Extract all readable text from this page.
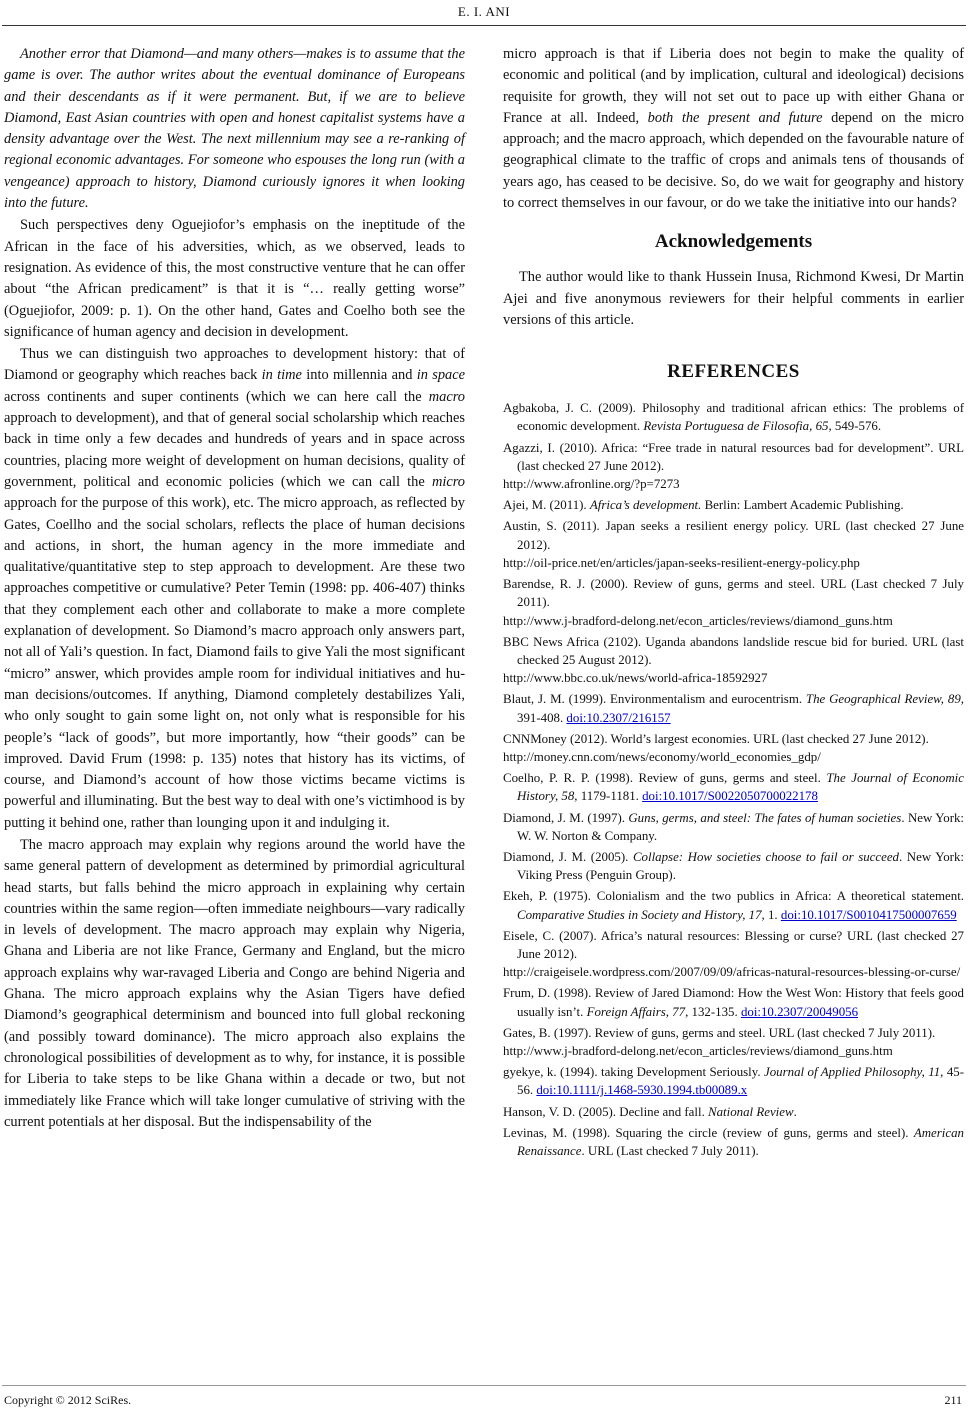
E. I. ANI

Another error that Diamond—and many others—makes is to assume that the game is over. The author writes about the eventual dominance of Europeans and their descendants as if it were permanent. But, if we are to believe Diamond, East Asian countries with open and honest capitalist systems have a density advantage over the West. The next millennium may see a re-ranking of regional economic advantages. For someone who espouses the long run (with a vengeance) approach to history, Diamond curiously ignores it when looking into the future.

Such perspectives deny Oguejiofor’s emphasis on the ineptitude of the African in the face of his adversities, which, as we observed, leads to resignation. As evidence of this, the most constructive venture that he can offer about “the African predicament” is that it is “… really getting worse” (Oguejiofor, 2009: p. 1). On the other hand, Gates and Coelho both see the significance of human agency and decision in development.

Thus we can distinguish two approaches to development history: that of Diamond or geography which reaches back in time into millennia and in space across continents and super continents (which we can here call the macro approach to development), and that of general social scholarship which reaches back in time only a few decades and hundreds of years and in space across countries, placing more weight of development on human decisions, quality of government, political and economic policies (which we can call the micro approach for the purpose of this work), etc. The micro approach, as reflected by Gates, Coellho and the social scholars, reflects the place of human decisions and actions, in short, the human agency in the more immediate and qualitative/quantitative step to step approach to development. Are these two approaches competitive or cumulative? Peter Temin (1998: pp. 406-407) thinks that they complement each other and collaborate to make a more complete explanation of development. So Diamond’s macro approach only answers part, not all of Yali’s question. In fact, Diamond fails to give Yali the most significant “micro” answer, which provides ample room for individual initiatives and human decisions/outcomes. If anything, Diamond completely destabilizes Yali, who only sought to gain some light on, not only what is responsible for his people’s “lack of goods”, but more importantly, how “their goods” can be improved. David Frum (1998: p. 135) notes that history has its victims, of course, and Diamond’s account of how those victims became victims is powerful and illuminating. But the best way to deal with one’s victimhood is by putting it behind one, rather than lounging upon it and indulging it.

The macro approach may explain why regions around the world have the same general pattern of development as determined by primordial agricultural head starts, but falls behind the micro approach in explaining why certain countries within the same region—often immediate neighbours—vary radically in levels of development. The macro approach may explain why Nigeria, Ghana and Liberia are not like France, Germany and England, but the micro approach explains why war-ravaged Liberia and Congo are behind Nigeria and Ghana. The micro approach explains why the Asian Tigers have defied Diamond’s geographical determinism and bounced into full global reckoning (and possibly toward dominance). The micro approach also explains the chronological possibilities of development as to why, for instance, it is possible for Liberia to take steps to be like Ghana within a decade or two, but not immediately like France which will take longer cumulative of striving with the current potentials at her disposal. But the indispensability of the

micro approach is that if Liberia does not begin to make the quality of economic and political (and by implication, cultural and ideological) decisions requisite for growth, they will not set out to pace up with either Ghana or France at all. Indeed, both the present and future depend on the micro approach; and the macro approach, which depended on the favourable nature of geographical climate to the traffic of crops and animals tens of thousands of years ago, has ceased to be decisive. So, do we wait for geography and history to correct themselves in our favour, or do we take the initiative into our hands?

Acknowledgements

The author would like to thank Hussein Inusa, Richmond Kwesi, Dr Martin Ajei and five anonymous reviewers for their helpful comments in earlier versions of this article.

REFERENCES
Agbakoba, J. C. (2009). Philosophy and traditional african ethics: The problems of economic development. Revista Portuguesa de Filosofia, 65, 549-576.
Agazzi, I. (2010). Africa: “Free trade in natural resources bad for development”. URL (last checked 27 June 2012).
http://www.afronline.org/?p=7273
Ajei, M. (2011). Africa’s development. Berlin: Lambert Academic Publishing.
Austin, S. (2011). Japan seeks a resilient energy policy. URL (last checked 27 June 2012).
http://oil-price.net/en/articles/japan-seeks-resilient-energy-policy.php
Barendse, R. J. (2000). Review of guns, germs and steel. URL (Last checked 7 July 2011).
http://www.j-bradford-delong.net/econ_articles/reviews/diamond_guns.htm
BBC News Africa (2102). Uganda abandons landslide rescue bid for buried. URL (last checked 25 August 2012).
http://www.bbc.co.uk/news/world-africa-18592927
Blaut, J. M. (1999). Environmentalism and eurocentrism. The Geographical Review, 89, 391-408. doi:10.2307/216157
CNNMoney (2012). World’s largest economies. URL (last checked 27 June 2012).
http://money.cnn.com/news/economy/world_economies_gdp/
Coelho, P. R. P. (1998). Review of guns, germs and steel. The Journal of Economic History, 58, 1179-1181. doi:10.1017/S0022050700022178
Diamond, J. M. (1997). Guns, germs, and steel: The fates of human societies. New York: W. W. Norton & Company.
Diamond, J. M. (2005). Collapse: How societies choose to fail or succeed. New York: Viking Press (Penguin Group).
Ekeh, P. (1975). Colonialism and the two publics in Africa: A theoretical statement. Comparative Studies in Society and History, 17, 1. doi:10.1017/S0010417500007659
Eisele, C. (2007). Africa’s natural resources: Blessing or curse? URL (last checked 27 June 2012).
http://craigeisele.wordpress.com/2007/09/09/africas-natural-resources-blessing-or-curse/
Frum, D. (1998). Review of Jared Diamond: How the West Won: History that feels good usually isn’t. Foreign Affairs, 77, 132-135. doi:10.2307/20049056
Gates, B. (1997). Review of guns, germs and steel. URL (last checked 7 July 2011).
http://www.j-bradford-delong.net/econ_articles/reviews/diamond_guns.htm
gyekye, k. (1994). taking Development Seriously. Journal of Applied Philosophy, 11, 45-56. doi:10.1111/j.1468-5930.1994.tb00089.x
Hanson, V. D. (2005). Decline and fall. National Review.
Levinas, M. (1998). Squaring the circle (review of guns, germs and steel). American Renaissance. URL (Last checked 7 July 2011).
Copyright © 2012 SciRes.	211
